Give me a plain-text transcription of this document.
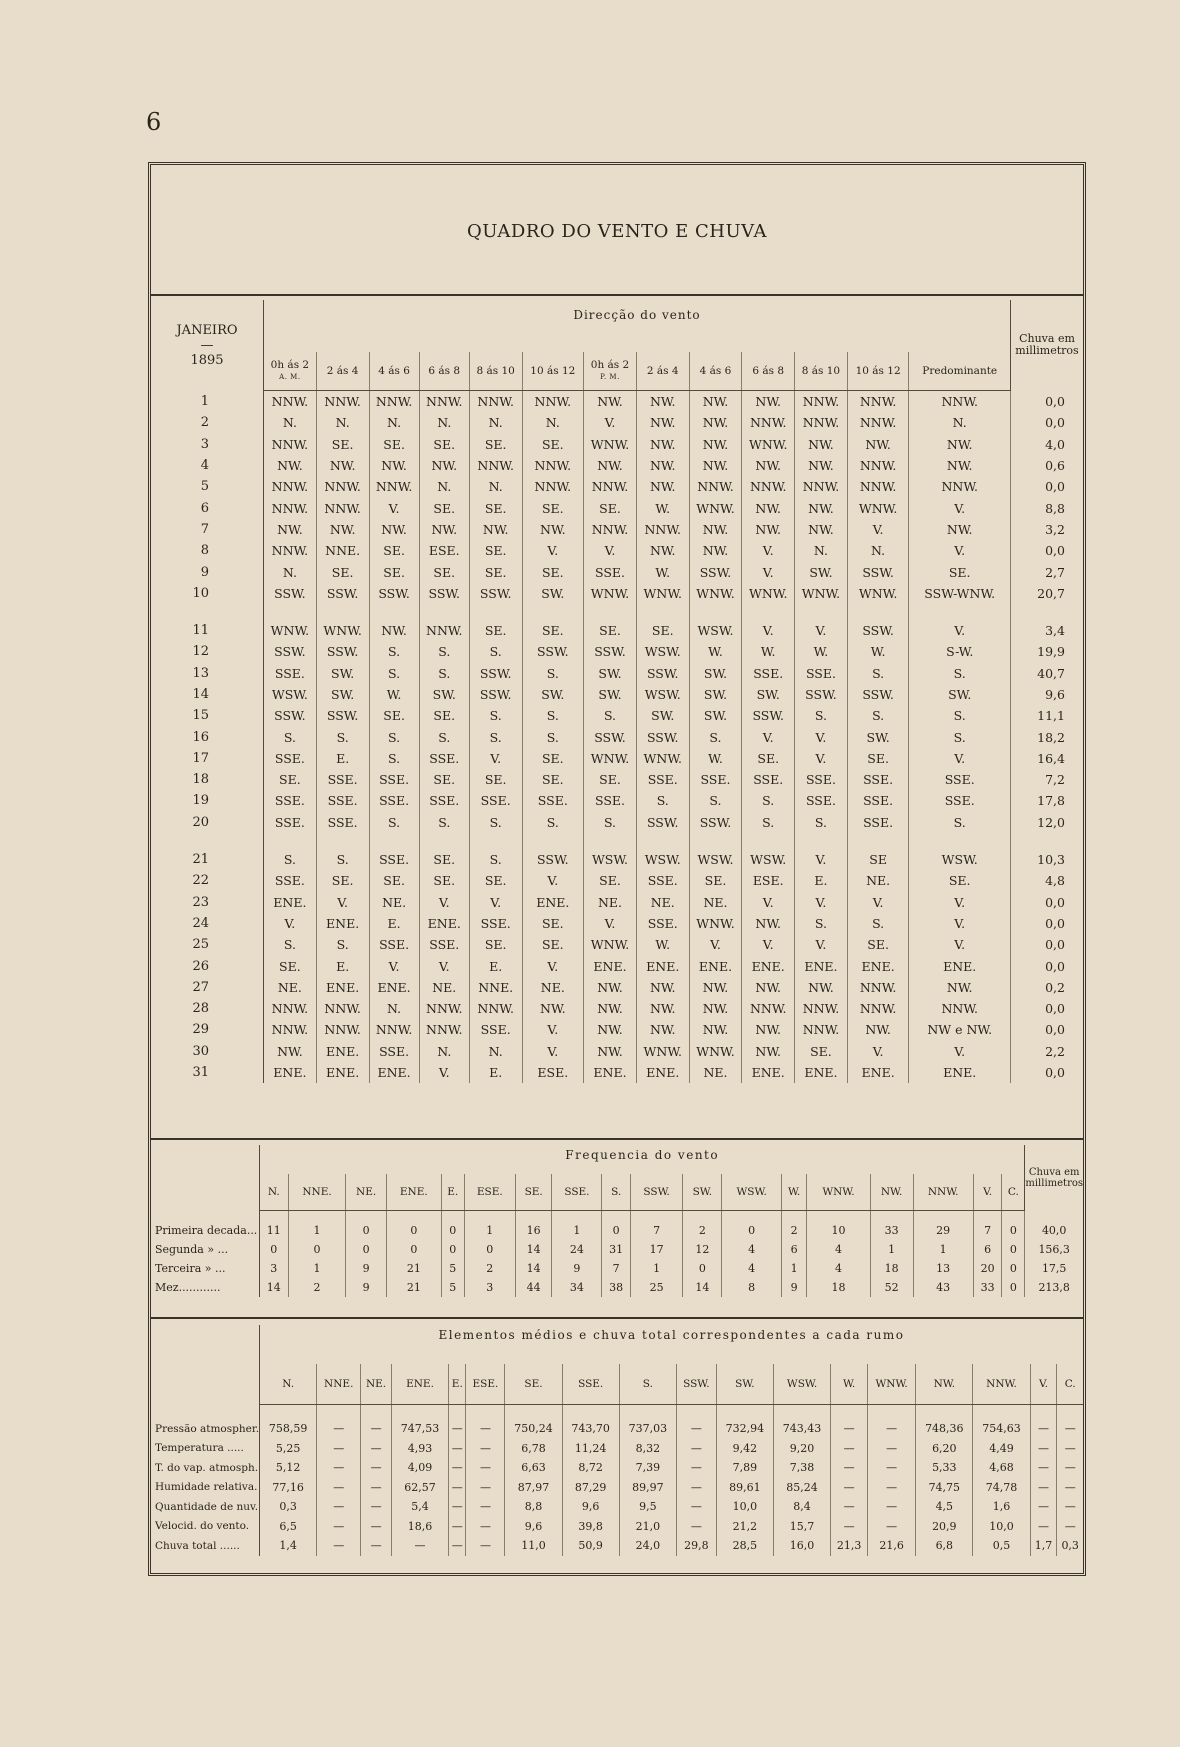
6
QUADRO DO VENTO E CHUVA
JANEIRO
—
1895	Direcção do vento													Chuva em millimetros
	0h ás 2
A. M.	2 ás 4	4 ás 6	6 ás 8	8 ás 10	10 ás 12	0h ás 2
P. M.	2 ás 4	4 ás 6	6 ás 8	8 ás 10	10 ás 12	Predominante	
1	NNW.	NNW.	NNW.	NNW.	NNW.	NNW.	NW.	NW.	NW.	NW.	NNW.	NNW.	NNW.	0,0
2	N.	N.	N.	N.	N.	N.	V.	NW.	NW.	NNW.	NNW.	NNW.	N.	0,0
3	NNW.	SE.	SE.	SE.	SE.	SE.	WNW.	NW.	NW.	WNW.	NW.	NW.	NW.	4,0
4	NW.	NW.	NW.	NW.	NNW.	NNW.	NW.	NW.	NW.	NW.	NW.	NNW.	NW.	0,6
5	NNW.	NNW.	NNW.	N.	N.	NNW.	NNW.	NW.	NNW.	NNW.	NNW.	NNW.	NNW.	0,0
6	NNW.	NNW.	V.	SE.	SE.	SE.	SE.	W.	WNW.	NW.	NW.	WNW.	V.	8,8
7	NW.	NW.	NW.	NW.	NW.	NW.	NNW.	NNW.	NW.	NW.	NW.	V.	NW.	3,2
8	NNW.	NNE.	SE.	ESE.	SE.	V.	V.	NW.	NW.	V.	N.	N.	V.	0,0
9	N.	SE.	SE.	SE.	SE.	SE.	SSE.	W.	SSW.	V.	SW.	SSW.	SE.	2,7
10	SSW.	SSW.	SSW.	SSW.	SSW.	SW.	WNW.	WNW.	WNW.	WNW.	WNW.	WNW.	SSW-WNW.	20,7

11	WNW.	WNW.	NW.	NNW.	SE.	SE.	SE.	SE.	WSW.	V.	V.	SSW.	V.	3,4
12	SSW.	SSW.	S.	S.	S.	SSW.	SSW.	WSW.	W.	W.	W.	W.	S-W.	19,9
13	SSE.	SW.	S.	S.	SSW.	S.	SW.	SSW.	SW.	SSE.	SSE.	S.	S.	40,7
14	WSW.	SW.	W.	SW.	SSW.	SW.	SW.	WSW.	SW.	SW.	SSW.	SSW.	SW.	9,6
15	SSW.	SSW.	SE.	SE.	S.	S.	S.	SW.	SW.	SSW.	S.	S.	S.	11,1
16	S.	S.	S.	S.	S.	S.	SSW.	SSW.	S.	V.	V.	SW.	S.	18,2
17	SSE.	E.	S.	SSE.	V.	SE.	WNW.	WNW.	W.	SE.	V.	SE.	V.	16,4
18	SE.	SSE.	SSE.	SE.	SE.	SE.	SE.	SSE.	SSE.	SSE.	SSE.	SSE.	SSE.	7,2
19	SSE.	SSE.	SSE.	SSE.	SSE.	SSE.	SSE.	S.	S.	S.	SSE.	SSE.	SSE.	17,8
20	SSE.	SSE.	S.	S.	S.	S.	S.	SSW.	SSW.	S.	S.	SSE.	S.	12,0

21	S.	S.	SSE.	SE.	S.	SSW.	WSW.	WSW.	WSW.	WSW.	V.	SE	WSW.	10,3
22	SSE.	SE.	SE.	SE.	SE.	V.	SE.	SSE.	SE.	ESE.	E.	NE.	SE.	4,8
23	ENE.	V.	NE.	V.	V.	ENE.	NE.	NE.	NE.	V.	V.	V.	V.	0,0
24	V.	ENE.	E.	ENE.	SSE.	SE.	V.	SSE.	WNW.	NW.	S.	S.	V.	0,0
25	S.	S.	SSE.	SSE.	SE.	SE.	WNW.	W.	V.	V.	V.	SE.	V.	0,0
26	SE.	E.	V.	V.	E.	V.	ENE.	ENE.	ENE.	ENE.	ENE.	ENE.	ENE.	0,0
27	NE.	ENE.	ENE.	NE.	NNE.	NE.	NW.	NW.	NW.	NW.	NW.	NNW.	NW.	0,2
28	NNW.	NNW.	N.	NNW.	NNW.	NW.	NW.	NW.	NW.	NNW.	NNW.	NNW.	NNW.	0,0
29	NNW.	NNW.	NNW.	NNW.	SSE.	V.	NW.	NW.	NW.	NW.	NNW.	NW.	NW e NW.	0,0
30	NW.	ENE.	SSE.	N.	N.	V.	NW.	WNW.	WNW.	NW.	SE.	V.	V.	2,2
31	ENE.	ENE.	ENE.	V.	E.	ESE.	ENE.	ENE.	NE.	ENE.	ENE.	ENE.	ENE.	0,0
	Frequencia do vento																		Chuva em millimetros
	N.	NNE.	NE.	ENE.	E.	ESE.	SE.	SSE.	S.	SSW.	SW.	WSW.	W.	WNW.	NW.	NNW.	V.	C.	

Primeira decada...	11	1	0	0	0	1	16	1	0	7	2	0	2	10	33	29	7	0	40,0
Segunda » ...	0	0	0	0	0	0	14	24	31	17	12	4	6	4	1	1	6	0	156,3
Terceira » ...	3	1	9	21	5	2	14	9	7	1	0	4	1	4	18	13	20	0	17,5
Mez............	14	2	9	21	5	3	44	34	38	25	14	8	9	18	52	43	33	0	213,8
	Elementos médios e chuva total correspondentes a cada rumo																	
	N.	NNE.	NE.	ENE.	E.	ESE.	SE.	SSE.	S.	SSW.	SW.	WSW.	W.	WNW.	NW.	NNW.	V.	C.

Pressão atmospher.	758,59	—	—	747,53	—	—	750,24	743,70	737,03	—	732,94	743,43	—	—	748,36	754,63	—	—
Temperatura .....	5,25	—	—	4,93	—	—	6,78	11,24	8,32	—	9,42	9,20	—	—	6,20	4,49	—	—
T. do vap. atmosph.	5,12	—	—	4,09	—	—	6,63	8,72	7,39	—	7,89	7,38	—	—	5,33	4,68	—	—
Humidade relativa.	77,16	—	—	62,57	—	—	87,97	87,29	89,97	—	89,61	85,24	—	—	74,75	74,78	—	—
Quantidade de nuv.	0,3	—	—	5,4	—	—	8,8	9,6	9,5	—	10,0	8,4	—	—	4,5	1,6	—	—
Velocid. do vento.	6,5	—	—	18,6	—	—	9,6	39,8	21,0	—	21,2	15,7	—	—	20,9	10,0	—	—
Chuva total ......	1,4	—	—	—	—	—	11,0	50,9	24,0	29,8	28,5	16,0	21,3	21,6	6,8	0,5	1,7	0,3
